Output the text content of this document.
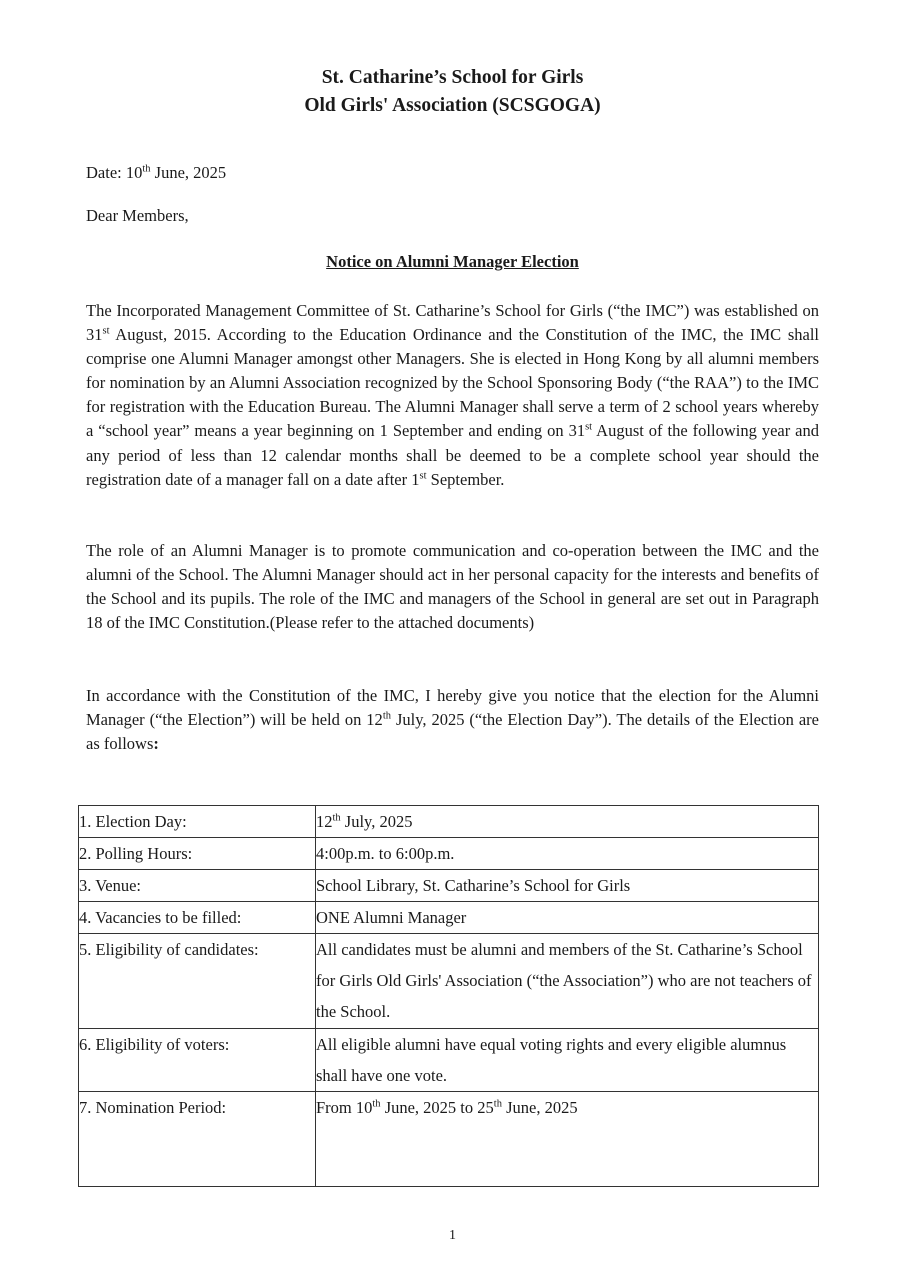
St. Catharine’s School for Girls
Old Girls' Association (SCSGOGA)
Date: 10th June, 2025
Dear Members,
Notice on Alumni Manager Election
The Incorporated Management Committee of St. Catharine’s School for Girls (“the IMC”) was established on 31st August, 2015. According to the Education Ordinance and the Constitution of the IMC, the IMC shall comprise one Alumni Manager amongst other Managers. She is elected in Hong Kong by all alumni members for nomination by an Alumni Association recognized by the School Sponsoring Body (“the RAA”) to the IMC for registration with the Education Bureau. The Alumni Manager shall serve a term of 2 school years whereby a “school year” means a year beginning on 1 September and ending on 31st August of the following year and any period of less than 12 calendar months shall be deemed to be a complete school year should the registration date of a manager fall on a date after 1st September.
The role of an Alumni Manager is to promote communication and co-operation between the IMC and the alumni of the School. The Alumni Manager should act in her personal capacity for the interests and benefits of the School and its pupils. The role of the IMC and managers of the School in general are set out in Paragraph 18 of the IMC Constitution.(Please refer to the attached documents)
In accordance with the Constitution of the IMC, I hereby give you notice that the election for the Alumni Manager (“the Election”) will be held on 12th July, 2025 (“the Election Day”). The details of the Election are as follows:
1. Election Day:	12th July, 2025

2. Polling Hours:	4:00p.m. to 6:00p.m.

3. Venue:	School Library, St. Catharine’s School for Girls

4. Vacancies to be filled:	ONE Alumni Manager

5. Eligibility of candidates:	All candidates must be alumni and members of the St. Catharine’s School for Girls Old Girls' Association (“the Association”) who are not teachers of the School.

6. Eligibility of voters:	All eligible alumni have equal voting rights and every eligible alumnus shall have one vote.

7. Nomination Period:	From 10th June, 2025 to 25th June, 2025
1
